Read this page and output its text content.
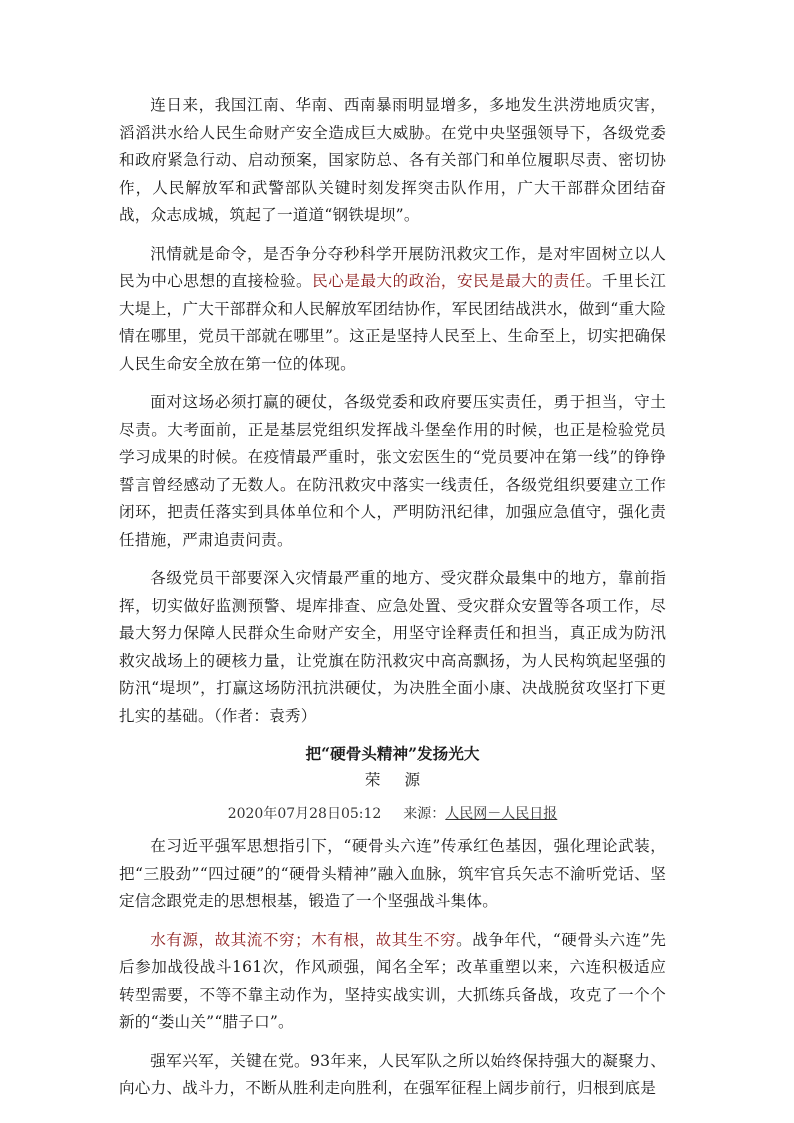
连日来，我国江南、华南、西南暴雨明显增多，多地发生洪涝地质灾害，滔滔洪水给人民生命财产安全造成巨大威胁。在党中央坚强领导下，各级党委和政府紧急行动、启动预案，国家防总、各有关部门和单位履职尽责、密切协作，人民解放军和武警部队关键时刻发挥突击队作用，广大干部群众团结奋战，众志成城，筑起了一道道“钢铁堤坝”。

汛情就是命令，是否争分夺秒科学开展防汛救灾工作，是对牢固树立以人民为中心思想的直接检验。民心是最大的政治，安民是最大的责任。千里长江大堤上，广大干部群众和人民解放军团结协作，军民团结战洪水，做到“重大险情在哪里，党员干部就在哪里”。这正是坚持人民至上、生命至上，切实把确保人民生命安全放在第一位的体现。

面对这场必须打赢的硬仗，各级党委和政府要压实责任，勇于担当，守土尽责。大考面前，正是基层党组织发挥战斗堡垒作用的时候，也正是检验党员学习成果的时候。在疫情最严重时，张文宏医生的“党员要冲在第一线”的铮铮誓言曾经感动了无数人。在防汛救灾中落实一线责任，各级党组织要建立工作闭环，把责任落实到具体单位和个人，严明防汛纪律，加强应急值守，强化责任措施，严肃追责问责。

各级党员干部要深入灾情最严重的地方、受灾群众最集中的地方，靠前指挥，切实做好监测预警、堤库排查、应急处置、受灾群众安置等各项工作，尽最大努力保障人民群众生命财产安全，用坚守诠释责任和担当，真正成为防汛救灾战场上的硬核力量，让党旗在防汛救灾中高高飘扬，为人民构筑起坚强的防汛“堤坝”，打赢这场防汛抗洪硬仗，为决胜全面小康、决战脱贫攻坚打下更扎实的基础。（作者：袁秀）

把“硬骨头精神”发扬光大

荣 源

2020年07月28日05:12 来源：人民网－人民日报

在习近平强军思想指引下，“硬骨头六连”传承红色基因，强化理论武装，把“三股劲”“四过硬”的“硬骨头精神”融入血脉，筑牢官兵矢志不渝听党话、坚定信念跟党走的思想根基，锻造了一个坚强战斗集体。

水有源，故其流不穷；木有根，故其生不穷。战争年代，“硬骨头六连”先后参加战役战斗161次，作风顽强，闻名全军；改革重塑以来，六连积极适应转型需要，不等不靠主动作为，坚持实战实训，大抓练兵备战，攻克了一个个新的“娄山关”“腊子口”。

强军兴军，关键在党。93年来，人民军队之所以始终保持强大的凝聚力、向心力、战斗力，不断从胜利走向胜利，在强军征程上阔步前行，归根到底是
